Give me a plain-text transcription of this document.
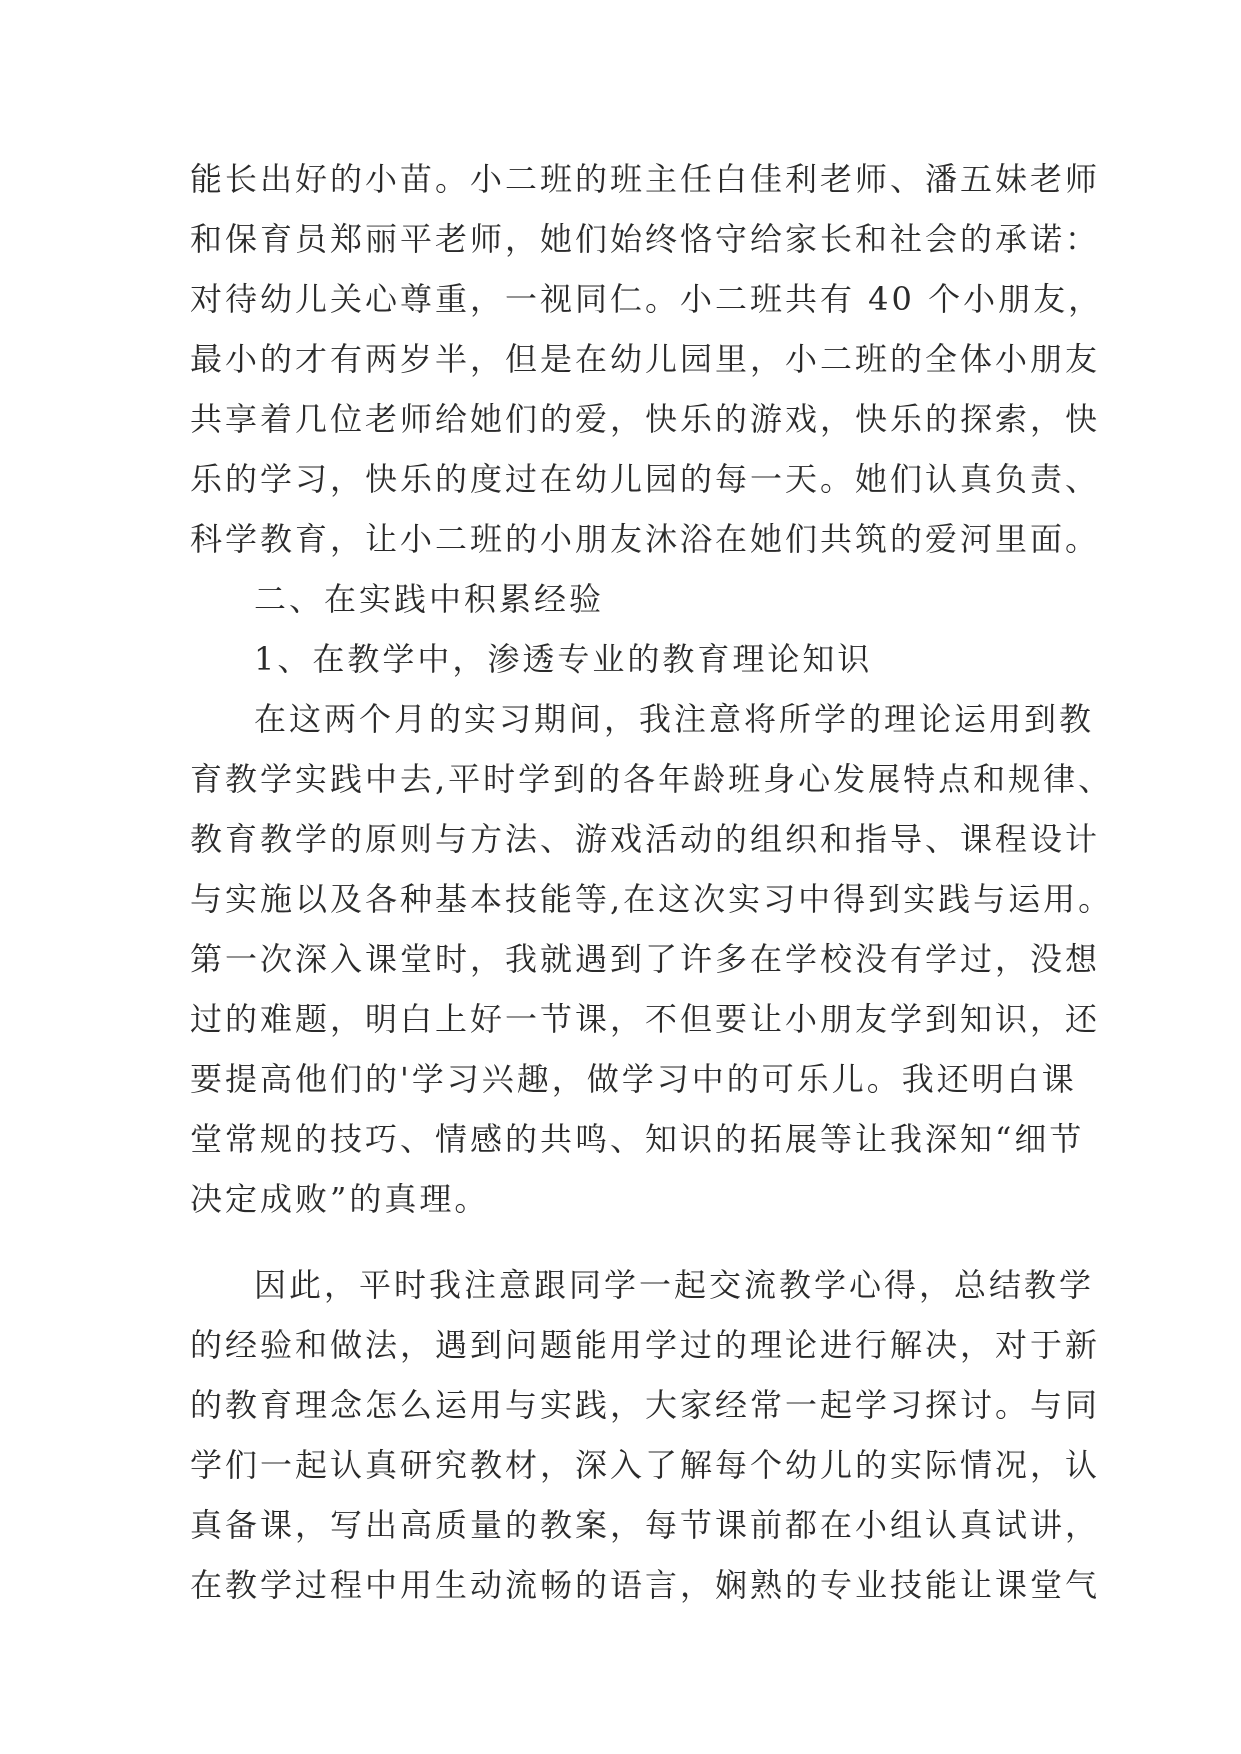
能长出好的小苗。小二班的班主任白佳利老师、潘五妹老师
和保育员郑丽平老师，她们始终恪守给家长和社会的承诺：
对待幼儿关心尊重，一视同仁。小二班共有 40 个小朋友，
最小的才有两岁半，但是在幼儿园里，小二班的全体小朋友
共享着几位老师给她们的爱，快乐的游戏，快乐的探索，快
乐的学习，快乐的度过在幼儿园的每一天。她们认真负责、
科学教育，让小二班的小朋友沐浴在她们共筑的爱河里面。
二、在实践中积累经验
1、在教学中，渗透专业的教育理论知识
在这两个月的实习期间，我注意将所学的理论运用到教
育教学实践中去,平时学到的各年龄班身心发展特点和规律、
教育教学的原则与方法、游戏活动的组织和指导、课程设计
与实施以及各种基本技能等,在这次实习中得到实践与运用。
第一次深入课堂时，我就遇到了许多在学校没有学过，没想
过的难题，明白上好一节课，不但要让小朋友学到知识，还
要提高他们的'学习兴趣，做学习中的可乐儿。我还明白课
堂常规的技巧、情感的共鸣、知识的拓展等让我深知“细节
决定成败”的真理。
因此，平时我注意跟同学一起交流教学心得，总结教学
的经验和做法，遇到问题能用学过的理论进行解决，对于新
的教育理念怎么运用与实践，大家经常一起学习探讨。与同
学们一起认真研究教材，深入了解每个幼儿的实际情况，认
真备课，写出高质量的教案，每节课前都在小组认真试讲，
在教学过程中用生动流畅的语言，娴熟的专业技能让课堂气
